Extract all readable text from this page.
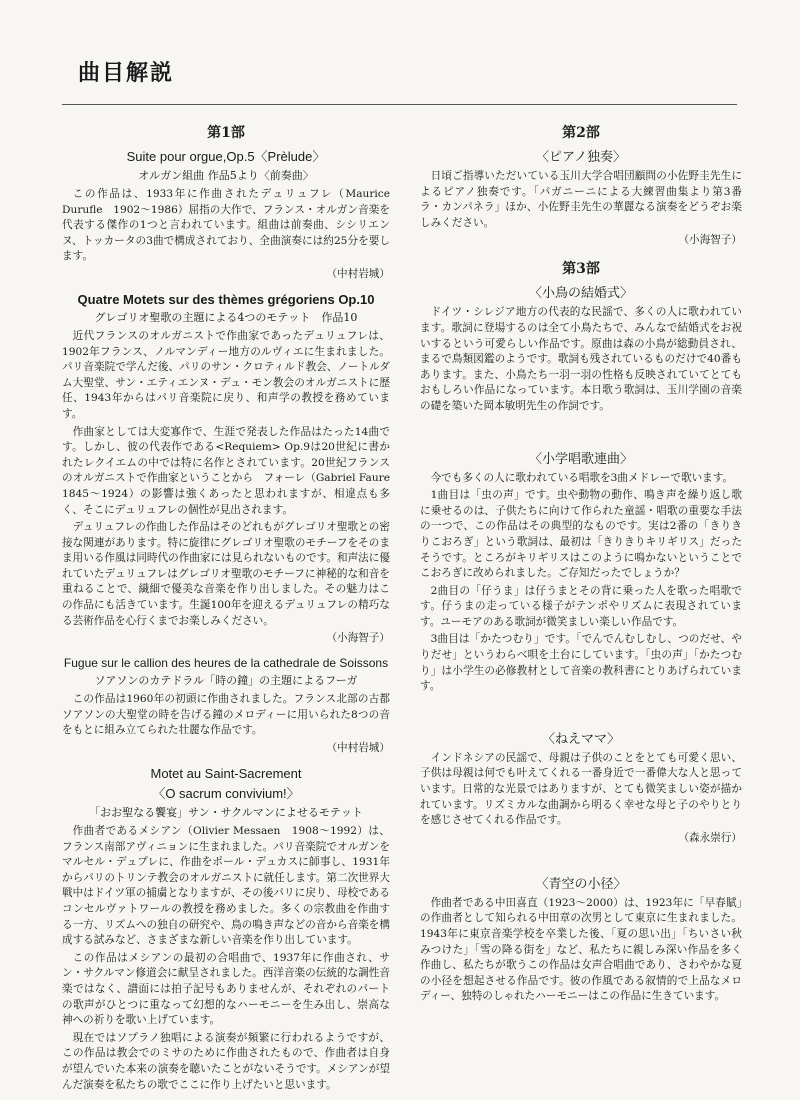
曲目解説
第1部
Suite pour orgue,Op.5〈Prèlude〉
オルガン組曲 作品5より〈前奏曲〉

この作品は、1933年に作曲されたデュリュフレ（Maurice Durufle　1902～1986）屈指の大作で、フランス・オルガン音楽を代表する傑作の1つと言われています。組曲は前奏曲、シシリエンヌ、トッカータの3曲で構成されており、全曲演奏には約25分を要します。

（中村岩城）
Quatre Motets sur des thèmes grégoriens Op.10
グレゴリオ聖歌の主題による4つのモテット　作品10

近代フランスのオルガニストで作曲家であったデュリュフレは、1902年フランス、ノルマンディー地方のルヴィエに生まれました。パリ音楽院で学んだ後、パリのサン・クロティルド教会、ノートルダム大聖堂、サン・エティエンヌ・デュ・モン教会のオルガニストに歴任、1943年からはパリ音楽院に戻り、和声学の教授を務めています。

作曲家としては大変寡作で、生涯で発表した作品はたった14曲です。しかし、彼の代表作である<Requiem> Op.9は20世紀に書かれたレクイエムの中では特に名作とされています。20世紀フランスのオルガニストで作曲家ということから　フォーレ（Gabriel Faure　1845～1924）の影響は強くあったと思われますが、相違点も多く、そこにデュリュフレの個性が見出されます。

デュリュフレの作曲した作品はそのどれもがグレゴリオ聖歌との密接な関連があります。特に旋律にグレゴリオ聖歌のモチーフをそのまま用いる作風は同時代の作曲家には見られないものです。和声法に優れていたデュリュフレはグレゴリオ聖歌のモチーフに神秘的な和音を重ねることで、繊細で優美な音楽を作り出しました。その魅力はこの作品にも活きています。生誕100年を迎えるデュリュフレの精巧なる芸術作品を心行くまでお楽しみください。

（小海智子）
Fugue sur le callion des heures de la cathedrale de Soissons
ソアソンのカテドラル「時の鐘」の主題によるフーガ

この作品は1960年の初頭に作曲されました。フランス北部の古都ソアソンの大聖堂の時を告げる鐘のメロディーに用いられた8つの音をもとに組み立てられた壮麗な作品です。

（中村岩城）
Motet au Saint-Sacrement
〈O sacrum convivium!〉
「おお聖なる饗宴」サン・サクルマンによせるモテット

作曲者であるメシアン（Olivier Messaen　1908～1992）は、フランス南部アヴィニョンに生まれました。パリ音楽院でオルガンをマルセル・デュプレに、作曲をポール・デュカスに師事し、1931年からパリのトリンテ教会のオルガニストに就任します。第二次世界大戦中はドイツ軍の捕虜となりますが、その後パリに戻り、母校であるコンセルヴァトワールの教授を務めました。多くの宗教曲を作曲する一方、リズムへの独自の研究や、鳥の鳴き声などの音から音楽を構成する試みなど、さまざまな新しい音楽を作り出しています。

この作品はメシアンの最初の合唱曲で、1937年に作曲され、サン・サクルマン修道会に献呈されました。西洋音楽の伝統的な調性音楽ではなく、譜面には拍子記号もありませんが、それぞれのパートの歌声がひとつに重なって幻想的なハーモニーを生み出し、崇高な神への祈りを歌い上げています。

現在ではソプラノ独唱による演奏が頻繁に行われるようですが、この作品は教会でのミサのために作曲されたもので、作曲者は自身が望んでいた本来の演奏を聴いたことがないそうです。メシアンが望んだ演奏を私たちの歌でここに作り上げたいと思います。

第2部
〈ピアノ独奏〉

日頃ご指導いただいている玉川大学合唱団顧問の小佐野圭先生によるピアノ独奏です。「パガニーニによる大練習曲集より第3番　ラ・カンパネラ」ほか、小佐野圭先生の華麗なる演奏をどうぞお楽しみください。

（小海智子）
第3部
〈小鳥の結婚式〉

ドイツ・シレジア地方の代表的な民謡で、多くの人に歌われています。歌詞に登場するのは全て小鳥たちで、みんなで結婚式をお祝いするという可愛らしい作品です。原曲は森の小鳥が総動員され、まるで鳥類図鑑のようです。歌詞も残されているものだけで40番もあります。また、小鳥たち一羽一羽の性格も反映されていてとてもおもしろい作品になっています。本日歌う歌詞は、玉川学園の音楽の礎を築いた岡本敏明先生の作詞です。

〈小学唱歌連曲〉

今でも多くの人に歌われている唱歌を3曲メドレーで歌います。

1曲目は「虫の声」です。虫や動物の動作、鳴き声を繰り返し歌に乗せるのは、子供たちに向けて作られた童謡・唱歌の重要な手法の一つで、この作品はその典型的なものです。実は2番の「きりきりこおろぎ」という歌詞は、最初は「きりきりキリギリス」だったそうです。ところがキリギリスはこのように鳴かないということでこおろぎに改められました。ご存知だったでしょうか？

2曲目の「仔うま」は仔うまとその背に乗った人を歌った唱歌です。仔うまの走っている様子がテンポやリズムに表現されています。ユーモアのある歌詞が微笑ましい楽しい作品です。

3曲目は「かたつむり」です。「でんでんむしむし、つのだせ、やりだせ」というわらべ唄を土台にしています。「虫の声」「かたつむり」は小学生の必修教材として音楽の教科書にとりあげられています。

〈ねえママ〉

インドネシアの民謡で、母親は子供のことをとても可愛く思い、子供は母親は何でも叶えてくれる一番身近で一番偉大な人と思っています。日常的な光景ではありますが、とても微笑ましい姿が描かれています。リズミカルな曲調から明るく幸せな母と子のやりとりを感じさせてくれる作品です。

（森永崇行）
〈青空の小径〉

作曲者である中田喜直（1923～2000）は、1923年に「早春賦」の作曲者として知られる中田章の次男として東京に生まれました。1943年に東京音楽学校を卒業した後、「夏の思い出」「ちいさい秋みつけた」「雪の降る街を」など、私たちに親しみ深い作品を多く作曲し、私たちが歌うこの作品は女声合唱曲であり、さわやかな夏の小径を想起させる作品です。彼の作風である叙情的で上品なメロディー、独特のしゃれたハーモニーはこの作品に生きています。
